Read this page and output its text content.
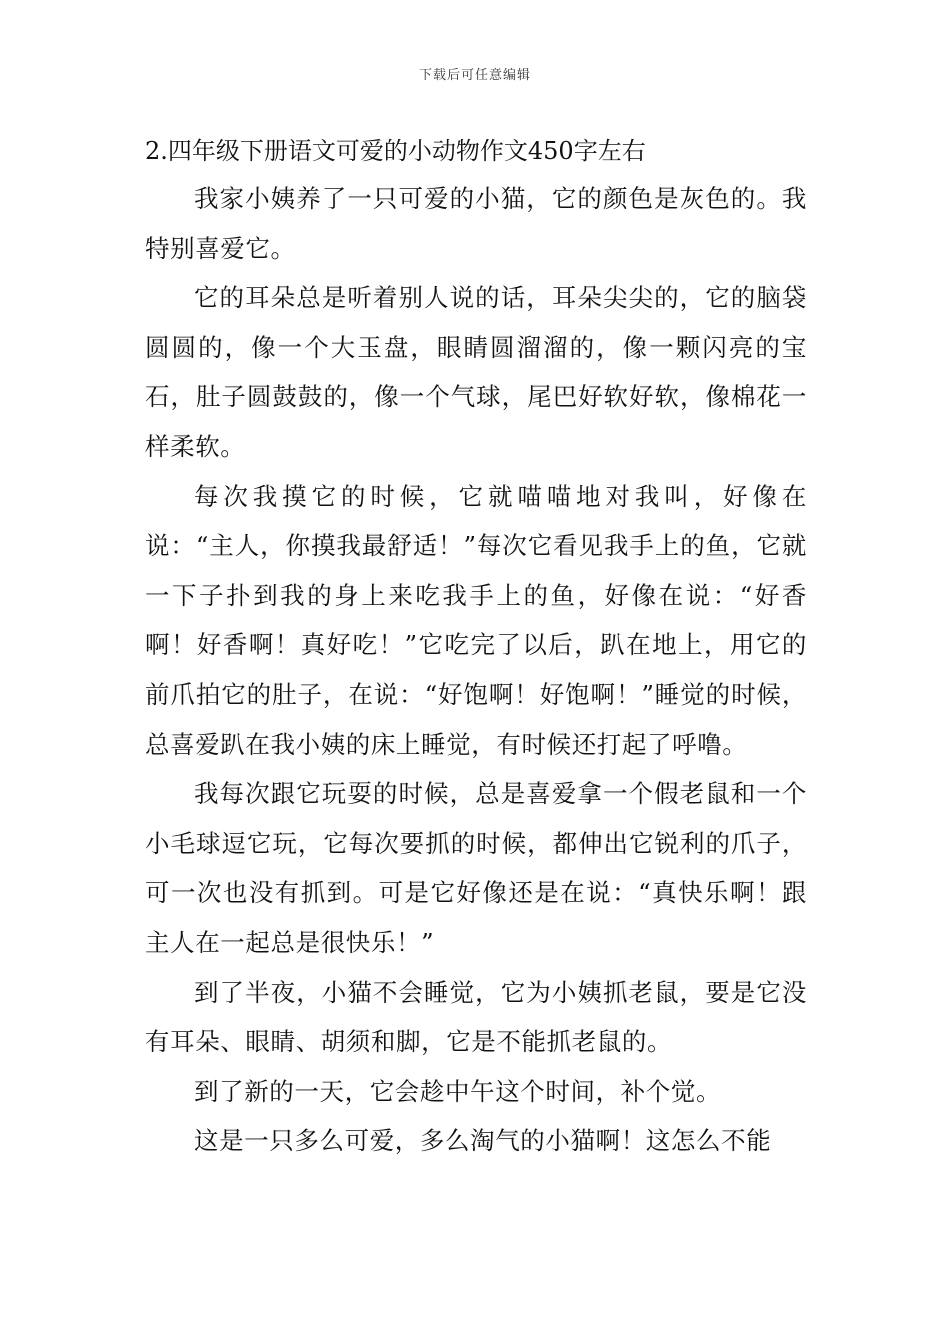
下载后可任意编辑
2.四年级下册语文可爱的小动物作文450字左右

我家小姨养了一只可爱的小猫，它的颜色是灰色的。我特别喜爱它。

它的耳朵总是听着别人说的话，耳朵尖尖的，它的脑袋圆圆的，像一个大玉盘，眼睛圆溜溜的，像一颗闪亮的宝石，肚子圆鼓鼓的，像一个气球，尾巴好软好软，像棉花一样柔软。

每次我摸它的时候，它就喵喵地对我叫，好像在说：“主人，你摸我最舒适！”每次它看见我手上的鱼，它就一下子扑到我的身上来吃我手上的鱼，好像在说：“好香啊！好香啊！真好吃！”它吃完了以后，趴在地上，用它的前爪拍它的肚子，在说：“好饱啊！好饱啊！”睡觉的时候，总喜爱趴在我小姨的床上睡觉，有时候还打起了呼噜。

我每次跟它玩耍的时候，总是喜爱拿一个假老鼠和一个小毛球逗它玩，它每次要抓的时候，都伸出它锐利的爪子，可一次也没有抓到。可是它好像还是在说：“真快乐啊！跟主人在一起总是很快乐！”

到了半夜，小猫不会睡觉，它为小姨抓老鼠，要是它没有耳朵、眼睛、胡须和脚，它是不能抓老鼠的。

到了新的一天，它会趁中午这个时间，补个觉。

这是一只多么可爱，多么淘气的小猫啊！这怎么不能
